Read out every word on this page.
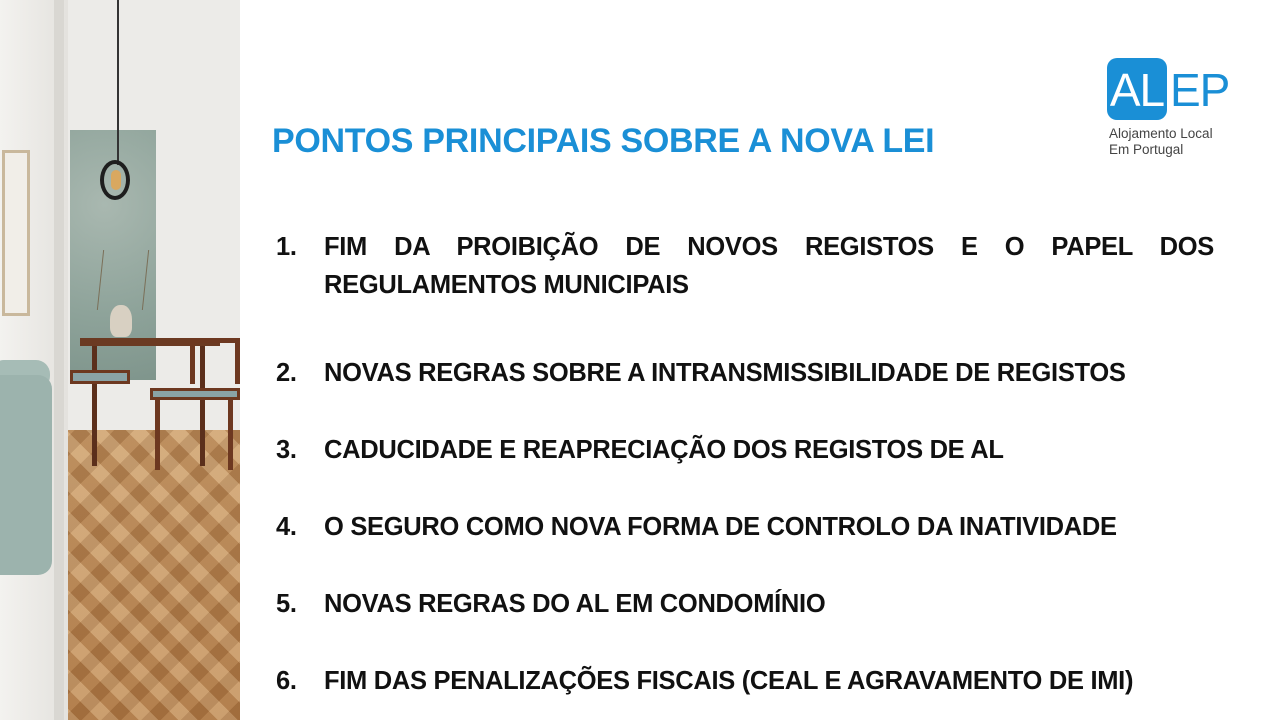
AL EP
Alojamento Local
Em Portugal
PONTOS PRINCIPAIS SOBRE A NOVA LEI
1. FIM DA PROIBIÇÃO DE NOVOS REGISTOS E O PAPEL DOS REGULAMENTOS MUNICIPAIS
2. NOVAS REGRAS SOBRE A INTRANSMISSIBILIDADE DE REGISTOS
3. CADUCIDADE E REAPRECIAÇÃO DOS REGISTOS DE AL
4. O SEGURO COMO NOVA FORMA DE CONTROLO DA INATIVIDADE
5. NOVAS REGRAS DO AL EM CONDOMÍNIO
6. FIM DAS PENALIZAÇÕES FISCAIS (CEAL E AGRAVAMENTO DE IMI)
